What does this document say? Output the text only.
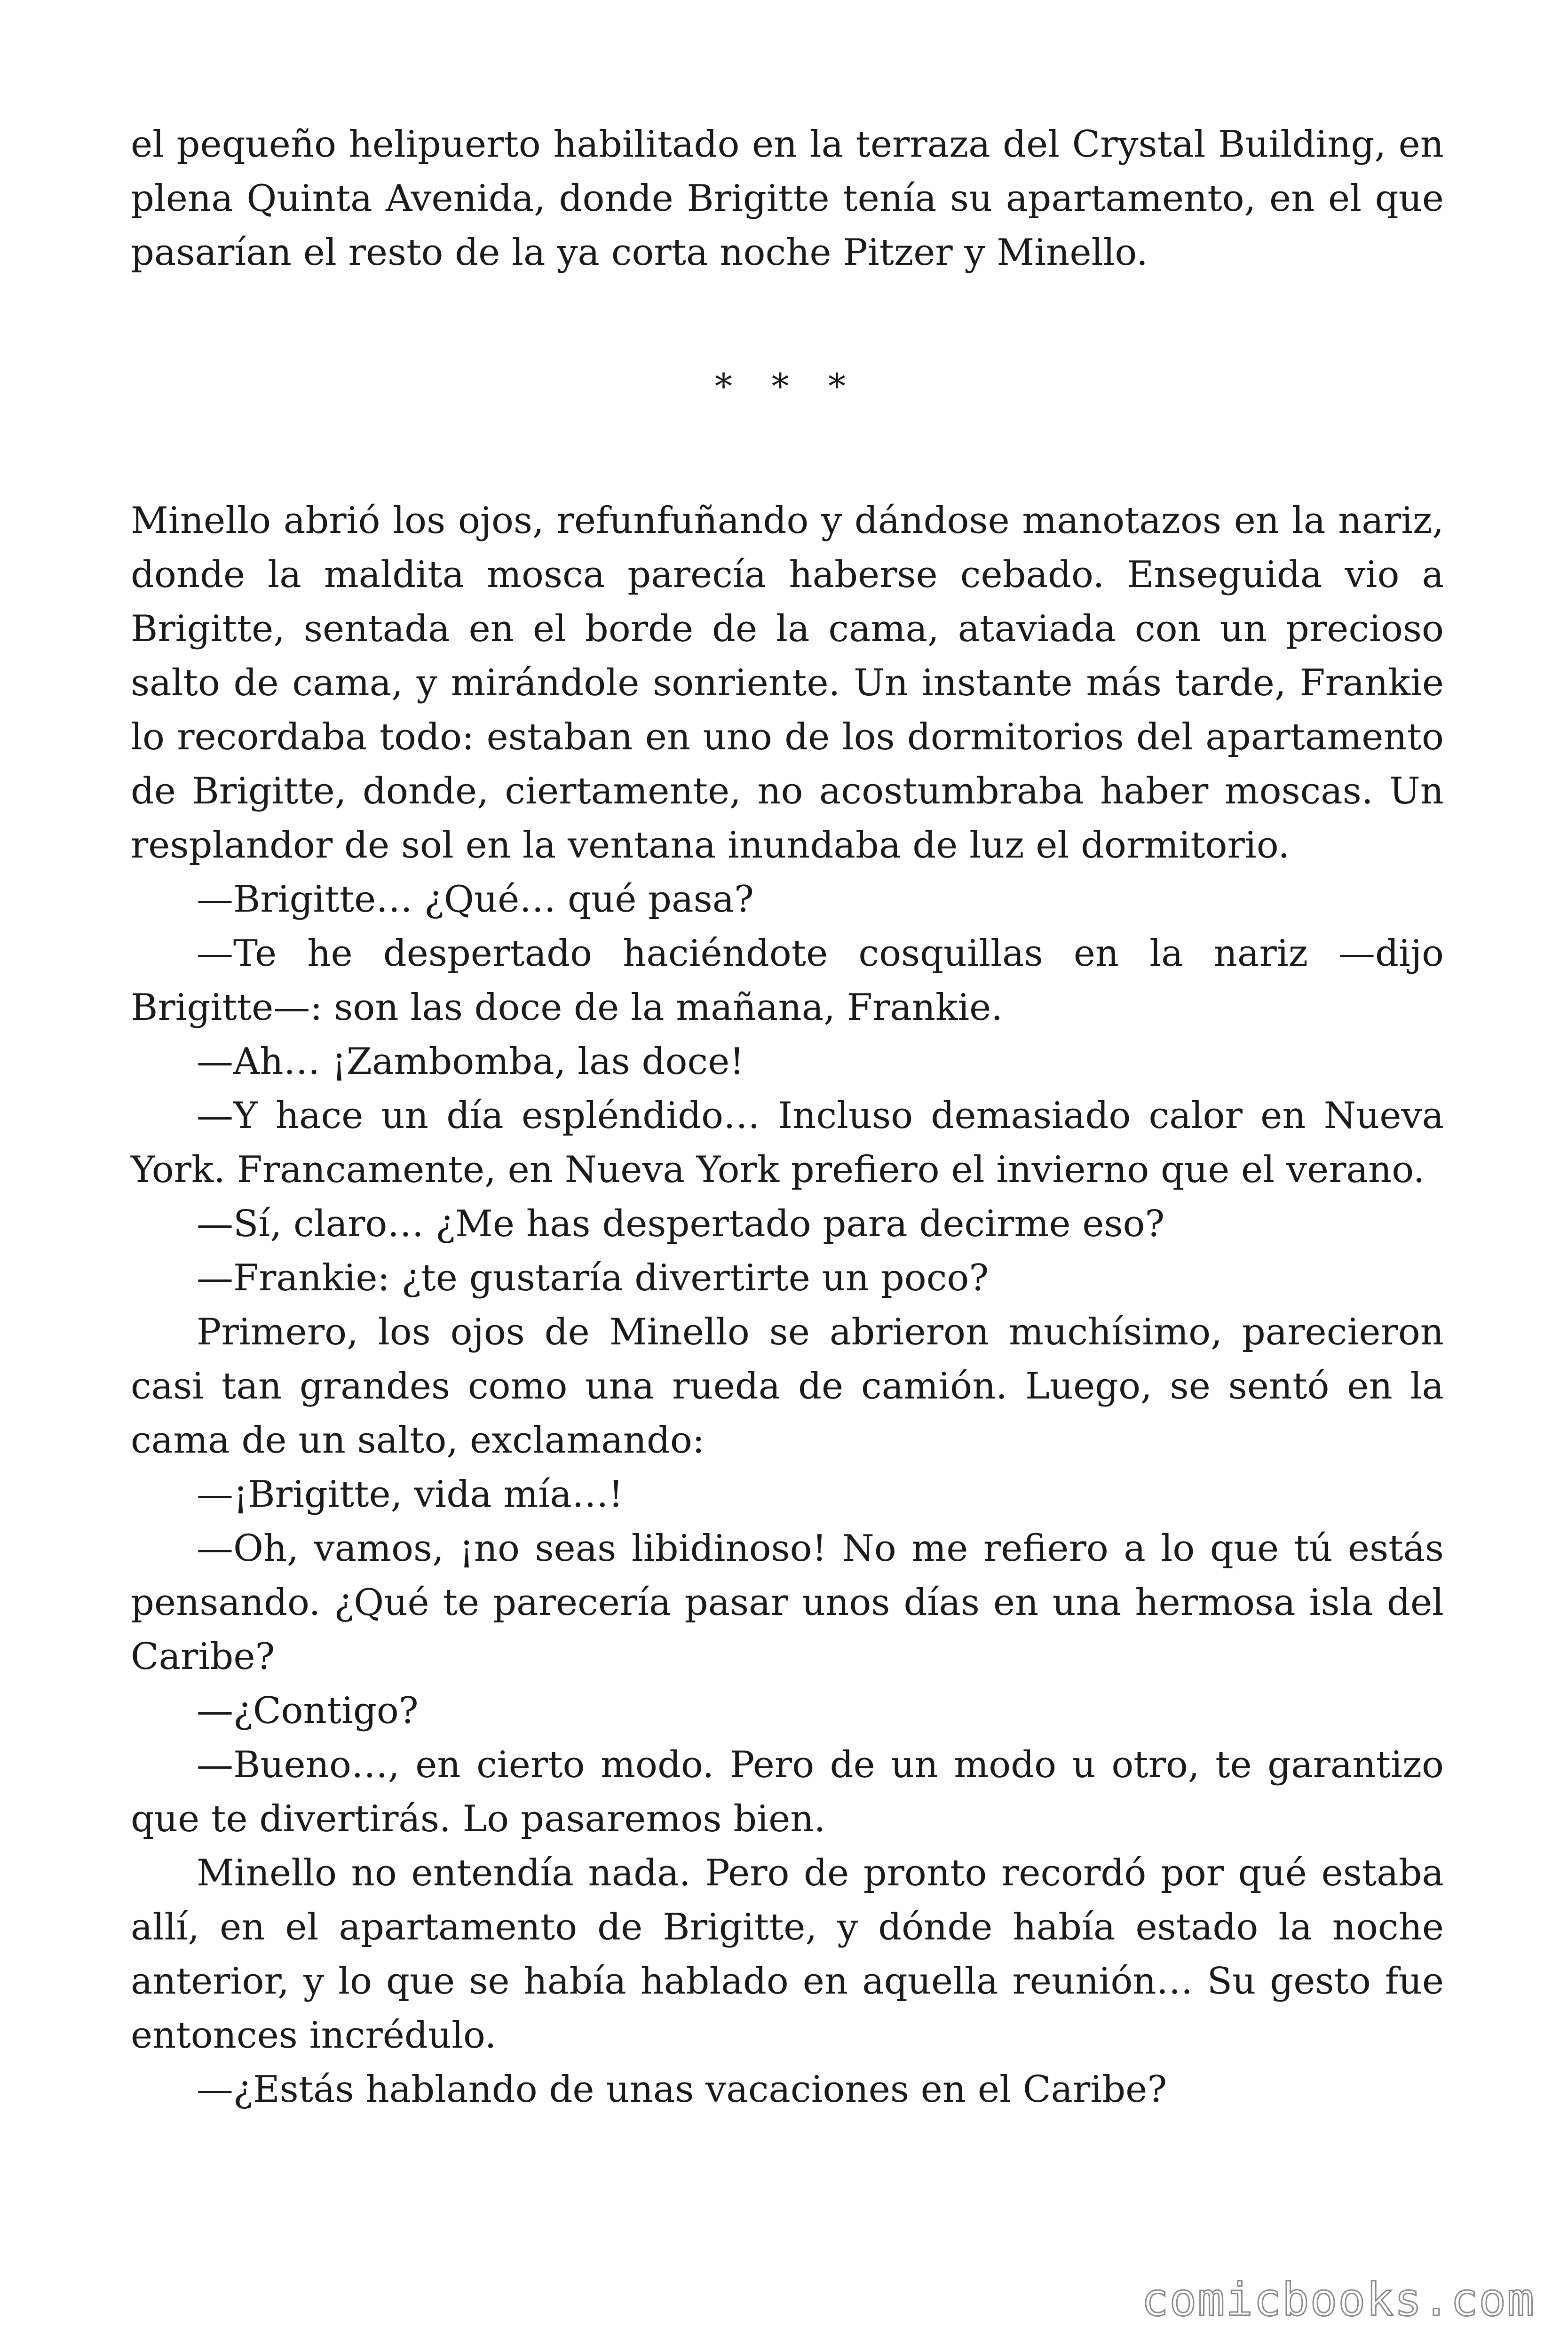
el pequeño helipuerto habilitado en la terraza del Crystal Building, en plena Quinta Avenida, donde Brigitte tenía su apartamento, en el que pasarían el resto de la ya corta noche Pitzer y Minello.

* * *

Minello abrió los ojos, refunfuñando y dándose manotazos en la nariz, donde la maldita mosca parecía haberse cebado. Enseguida vio a Brigitte, sentada en el borde de la cama, ataviada con un precioso salto de cama, y mirándole sonriente. Un instante más tarde, Frankie lo recordaba todo: estaban en uno de los dormitorios del apartamento de Brigitte, donde, ciertamente, no acostumbraba haber moscas. Un resplandor de sol en la ventana inundaba de luz el dormitorio.

—Brigitte… ¿Qué… qué pasa?

—Te he despertado haciéndote cosquillas en la nariz —dijo Brigitte—: son las doce de la mañana, Frankie.

—Ah… ¡Zambomba, las doce!

—Y hace un día espléndido… Incluso demasiado calor en Nueva York. Francamente, en Nueva York prefiero el invierno que el verano.

—Sí, claro… ¿Me has despertado para decirme eso?

—Frankie: ¿te gustaría divertirte un poco?

Primero, los ojos de Minello se abrieron muchísimo, parecieron casi tan grandes como una rueda de camión. Luego, se sentó en la cama de un salto, exclamando:

—¡Brigitte, vida mía…!

—Oh, vamos, ¡no seas libidinoso! No me refiero a lo que tú estás pensando. ¿Qué te parecería pasar unos días en una hermosa isla del Caribe?

—¿Contigo?

—Bueno…, en cierto modo. Pero de un modo u otro, te garantizo que te divertirás. Lo pasaremos bien.

Minello no entendía nada. Pero de pronto recordó por qué estaba allí, en el apartamento de Brigitte, y dónde había estado la noche anterior, y lo que se había hablado en aquella reunión… Su gesto fue entonces incrédulo.

—¿Estás hablando de unas vacaciones en el Caribe?

comicbooks.com
